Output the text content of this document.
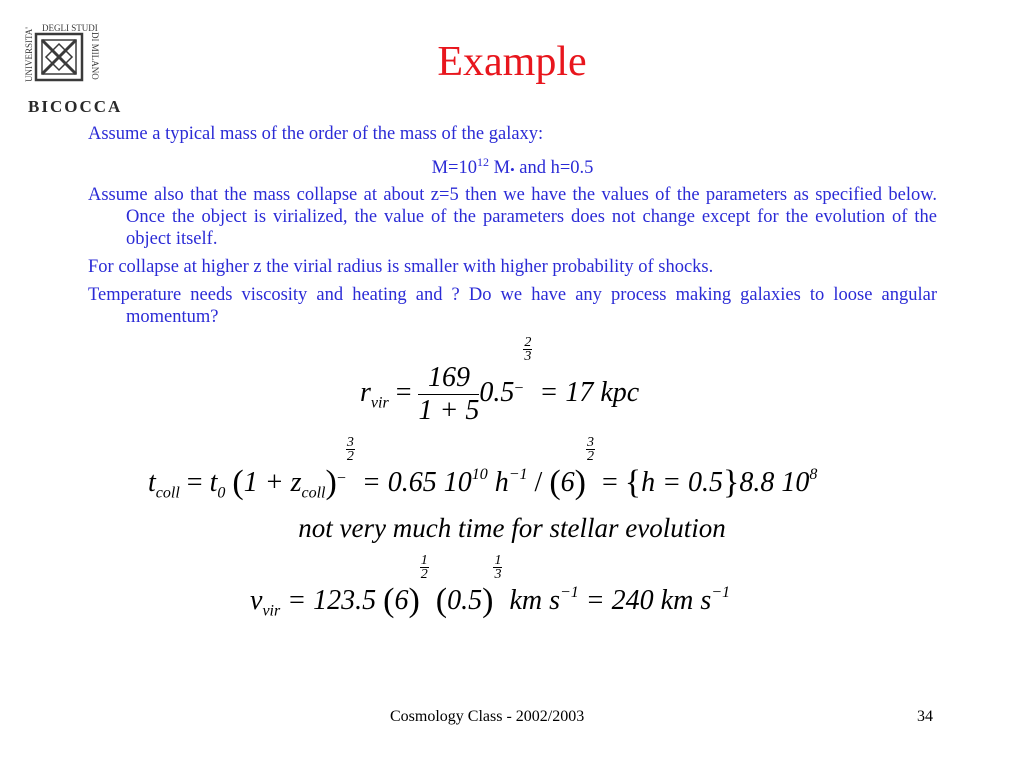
UNIVERSITA' DEGLI STUDI
DI MILANO
BICOCCA
Example

Assume a typical mass of the order of the mass of the galaxy:

$M=10^{12}$ M• and h=0.5

Assume also that the mass collapse at about z=5 then we have the values of the parameters as specified below. Once the object is virialized, the value of the parameters does not change except for the evolution of the object itself.

For collapse at higher z the virial radius is smaller with higher probability of shocks.

Temperature needs viscosity and heating and ? Do we have any process making galaxies to loose angular momentum?

$r_{vir} = \frac{169}{1 + 5} 0.5^-$
$\frac{2}{3}$
= 17 kpc
$t_{coll} = t_0$ $(1 + z_{coll})^-$
$\frac{3}{2}$
= 0.65 $10^{10}$ $h^{-1} / (6)$
$\frac{3}{2}$
= {h = 0.5}8.8 $10^8$
not very much time for stellar evolution
$v_{vir} = 123.5$ (6)
$\frac{1}{2}$
(0.5)
$\frac{1}{3}$
km $s^{-1} = 240$ km $s^{-1}$
Cosmology Class - 2002/2003	34
